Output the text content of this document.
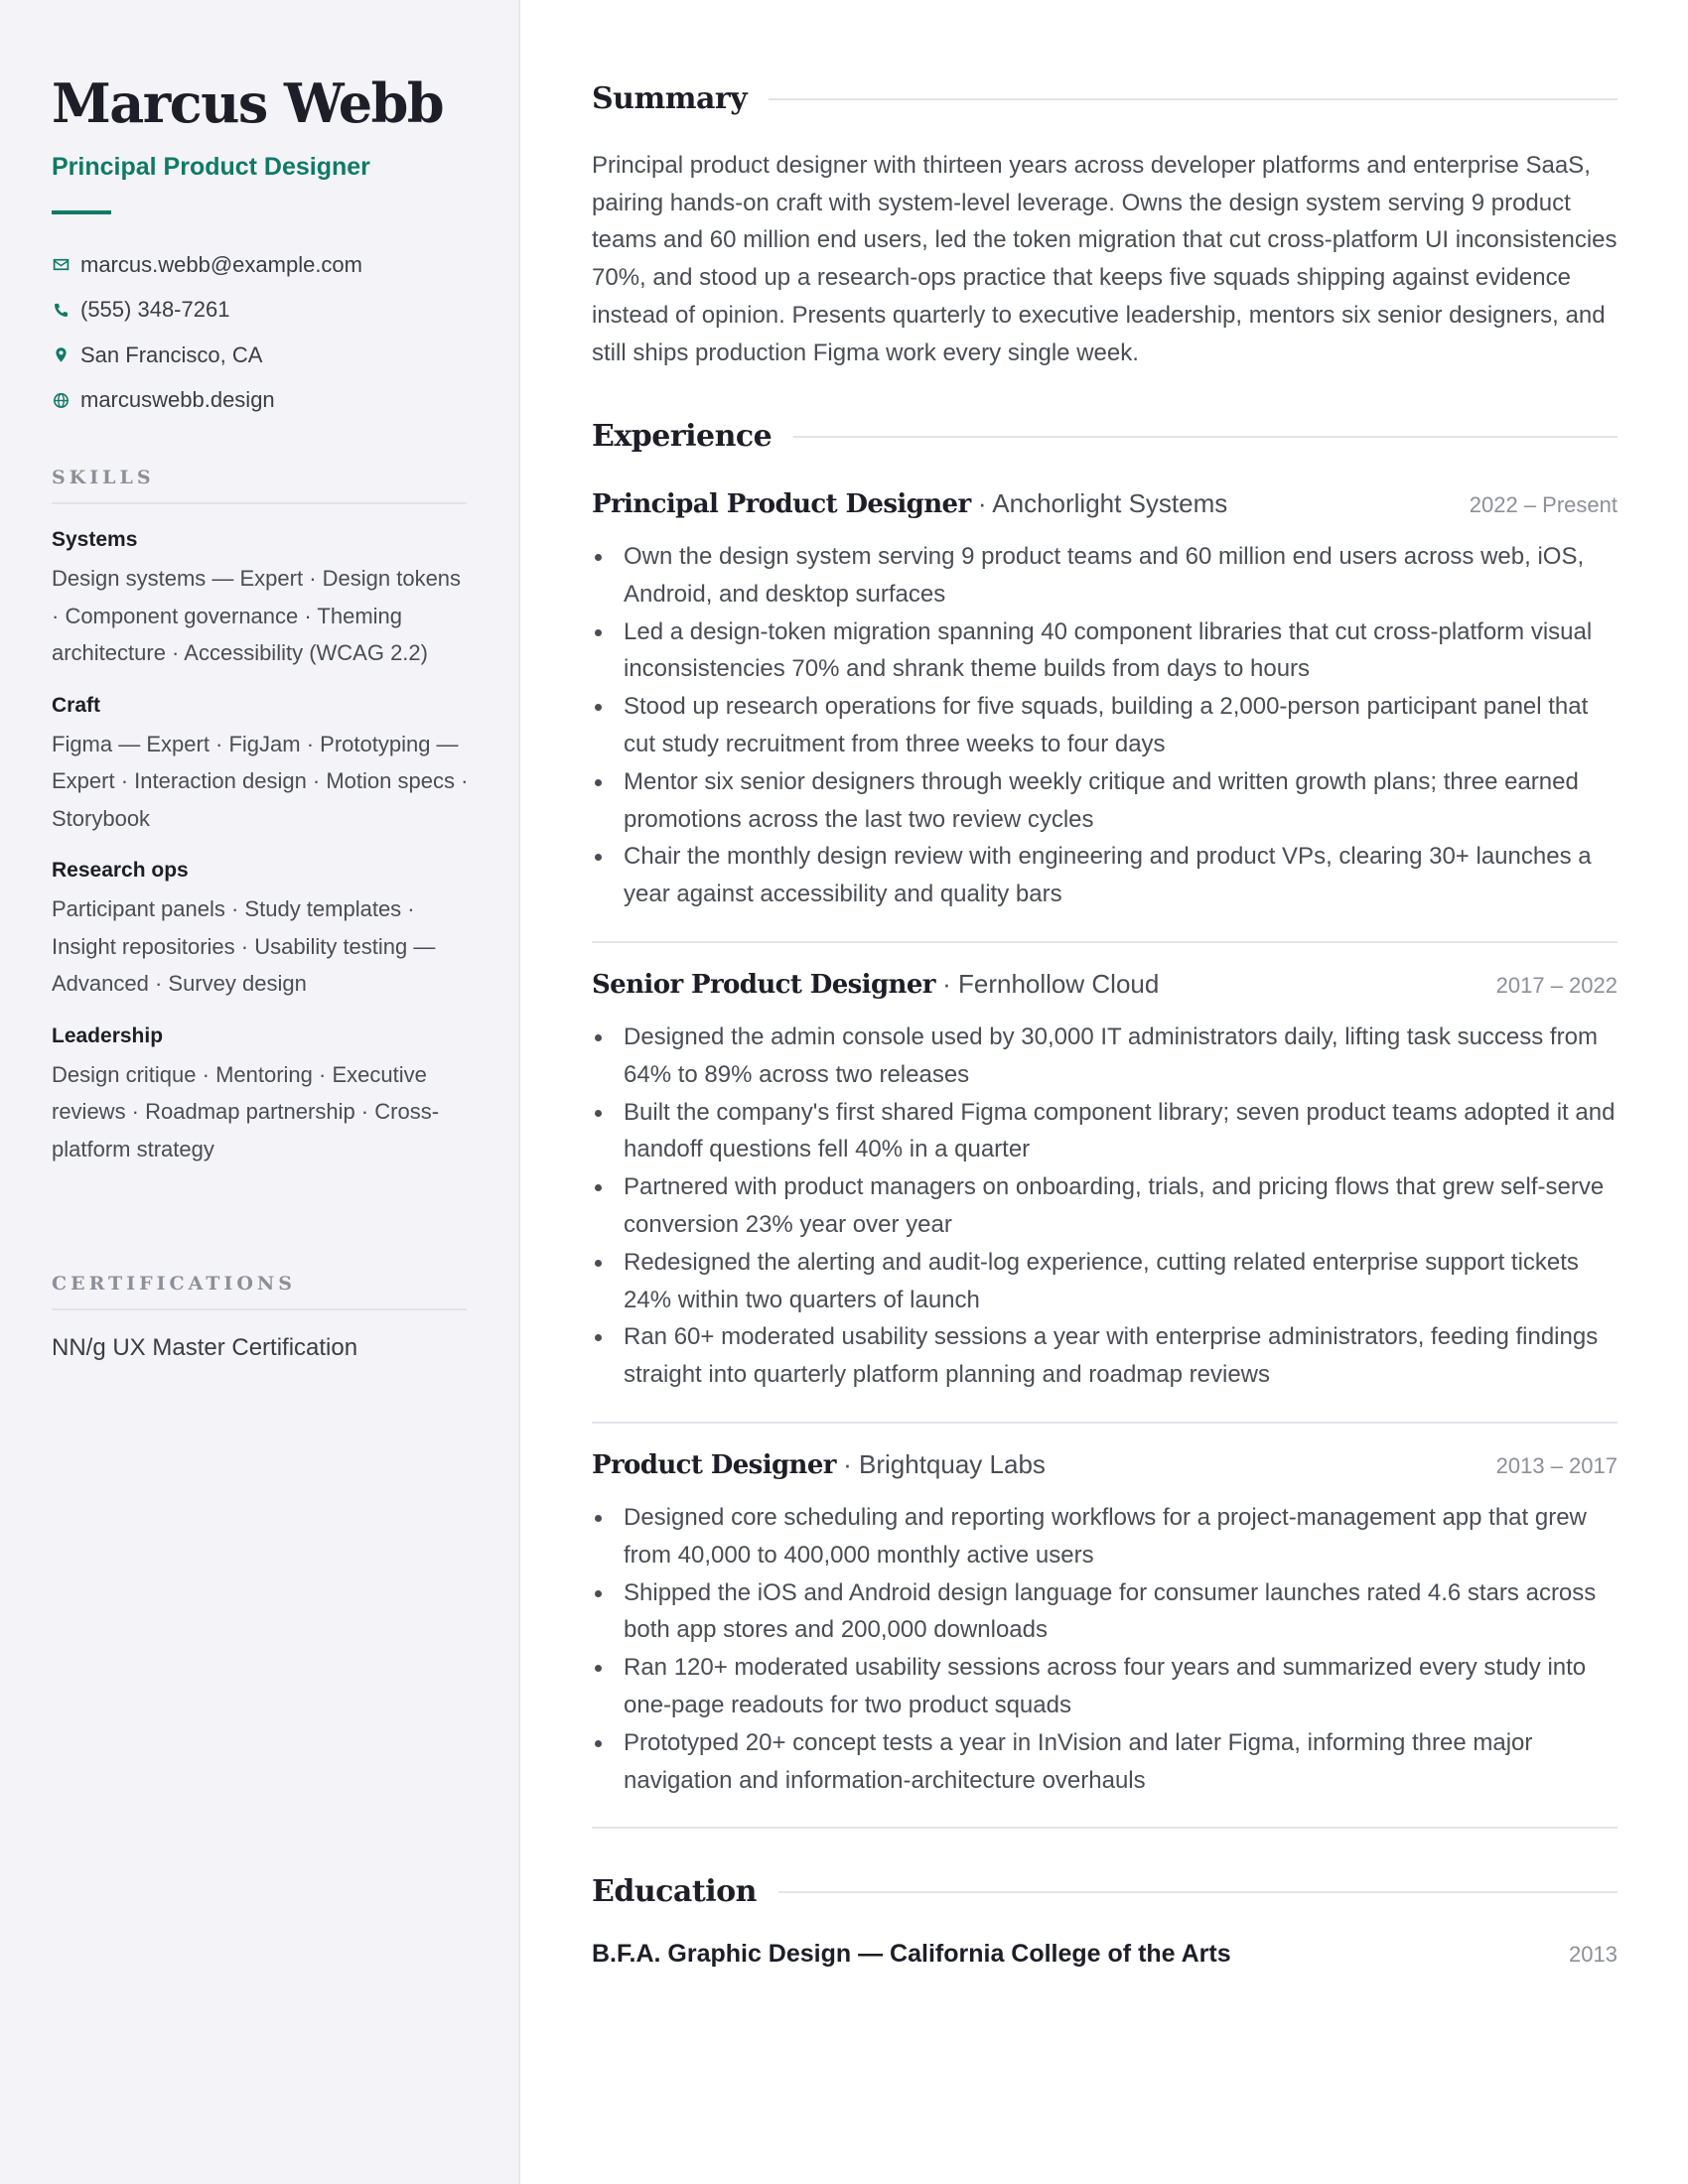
Marcus Webb
Principal Product Designer
marcus.webb@example.com
(555) 348-7261
San Francisco, CA
marcuswebb.design
SKILLS
Systems
Design systems — Expert · Design tokens · Component governance · Theming architecture · Accessibility (WCAG 2.2)
Craft
Figma — Expert · FigJam · Prototyping — Expert · Interaction design · Motion specs · Storybook
Research ops
Participant panels · Study templates · Insight repositories · Usability testing — Advanced · Survey design
Leadership
Design critique · Mentoring · Executive reviews · Roadmap partnership · Cross-platform strategy
CERTIFICATIONS
NN/g UX Master Certification
Summary
Principal product designer with thirteen years across developer platforms and enterprise SaaS, pairing hands-on craft with system-level leverage. Owns the design system serving 9 product teams and 60 million end users, led the token migration that cut cross-platform UI inconsistencies 70%, and stood up a research-ops practice that keeps five squads shipping against evidence instead of opinion. Presents quarterly to executive leadership, mentors six senior designers, and still ships production Figma work every single week.
Experience
Principal Product Designer · Anchorlight Systems	2022 – Present
Own the design system serving 9 product teams and 60 million end users across web, iOS, Android, and desktop surfaces
Led a design-token migration spanning 40 component libraries that cut cross-platform visual inconsistencies 70% and shrank theme builds from days to hours
Stood up research operations for five squads, building a 2,000-person participant panel that cut study recruitment from three weeks to four days
Mentor six senior designers through weekly critique and written growth plans; three earned promotions across the last two review cycles
Chair the monthly design review with engineering and product VPs, clearing 30+ launches a year against accessibility and quality bars
Senior Product Designer · Fernhollow Cloud	2017 – 2022
Designed the admin console used by 30,000 IT administrators daily, lifting task success from 64% to 89% across two releases
Built the company's first shared Figma component library; seven product teams adopted it and handoff questions fell 40% in a quarter
Partnered with product managers on onboarding, trials, and pricing flows that grew self-serve conversion 23% year over year
Redesigned the alerting and audit-log experience, cutting related enterprise support tickets 24% within two quarters of launch
Ran 60+ moderated usability sessions a year with enterprise administrators, feeding findings straight into quarterly platform planning and roadmap reviews
Product Designer · Brightquay Labs	2013 – 2017
Designed core scheduling and reporting workflows for a project-management app that grew from 40,000 to 400,000 monthly active users
Shipped the iOS and Android design language for consumer launches rated 4.6 stars across both app stores and 200,000 downloads
Ran 120+ moderated usability sessions across four years and summarized every study into one-page readouts for two product squads
Prototyped 20+ concept tests a year in InVision and later Figma, informing three major navigation and information-architecture overhauls
Education
B.F.A. Graphic Design — California College of the Arts	2013
